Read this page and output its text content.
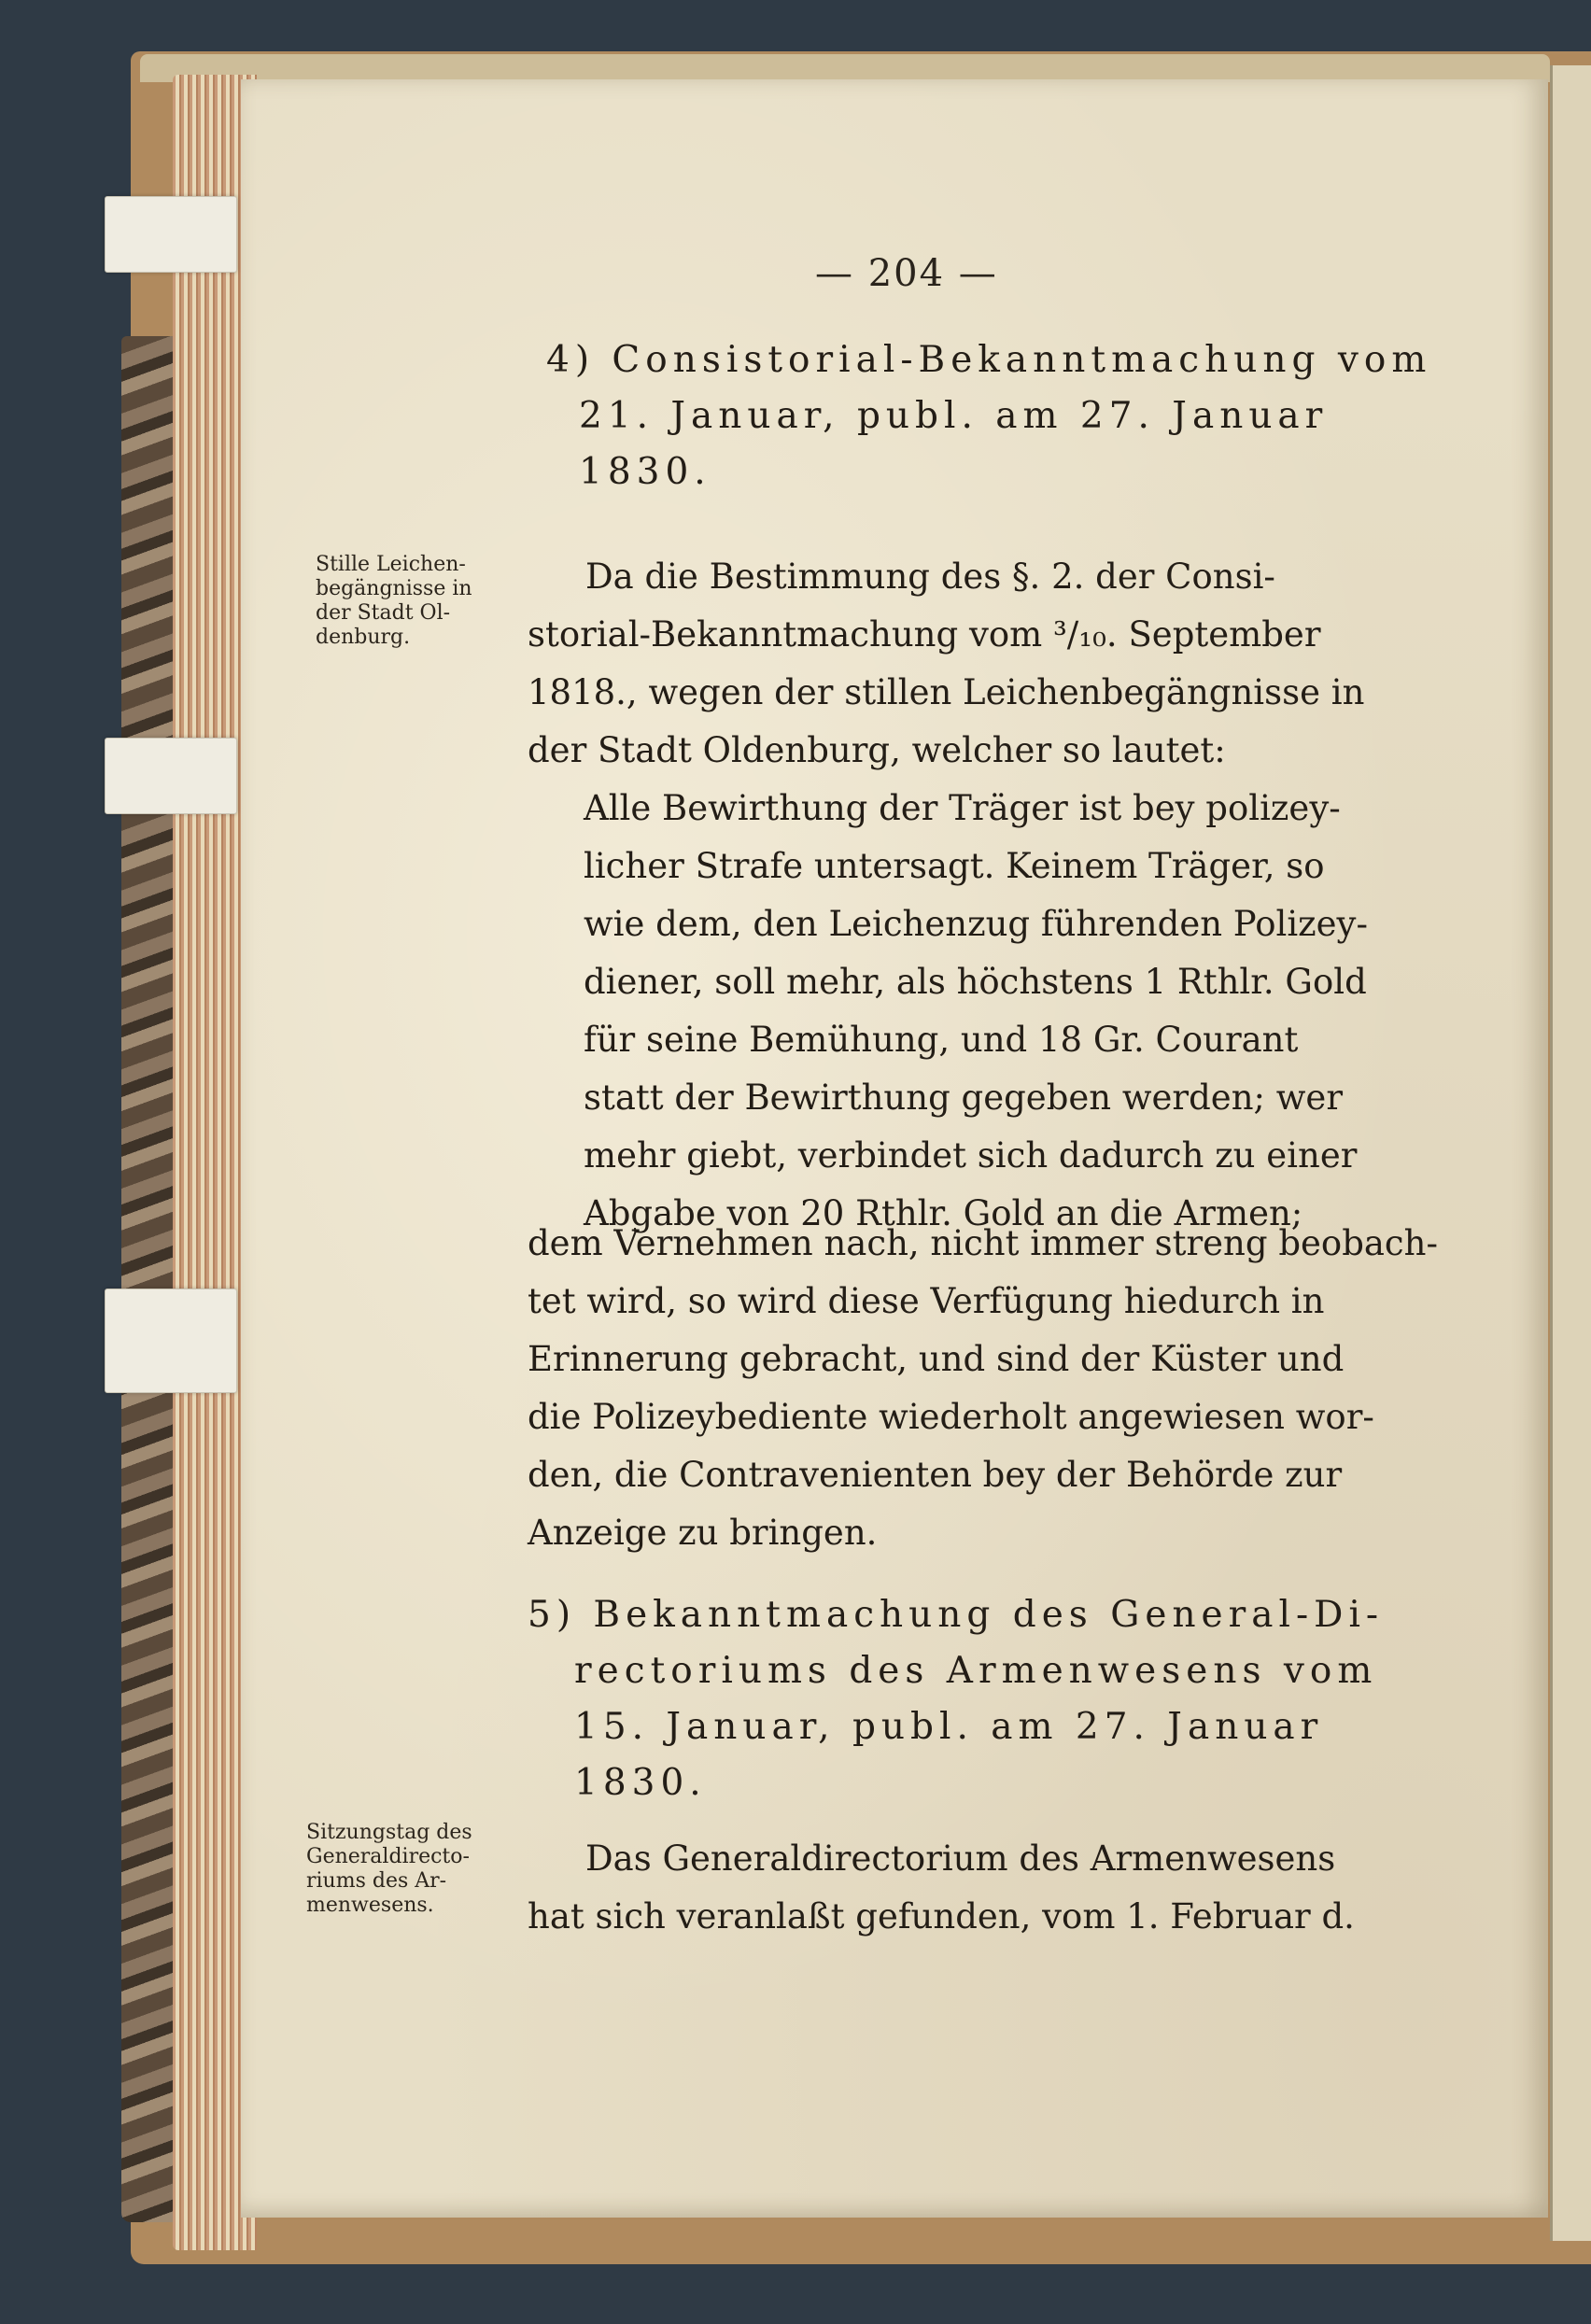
— 204 —
4) Consistorial-Bekanntmachung vom
21. Januar, publ. am 27. Januar
1830.
Stille Leichen-
begängnisse in
der Stadt Ol-
denburg.
Da die Bestimmung des §. 2. der Consi-
storial-Bekanntmachung vom ³/₁₀. September
1818., wegen der stillen Leichenbegängnisse in
der Stadt Oldenburg, welcher so lautet:
Alle Bewirthung der Träger ist bey polizey-
licher Strafe untersagt. Keinem Träger, so
wie dem, den Leichenzug führenden Polizey-
diener, soll mehr, als höchstens 1 Rthlr. Gold
für seine Bemühung, und 18 Gr. Courant
statt der Bewirthung gegeben werden; wer
mehr giebt, verbindet sich dadurch zu einer
Abgabe von 20 Rthlr. Gold an die Armen;
dem Vernehmen nach, nicht immer streng beobach-
tet wird, so wird diese Verfügung hiedurch in
Erinnerung gebracht, und sind der Küster und
die Polizeybediente wiederholt angewiesen wor-
den, die Contravenienten bey der Behörde zur
Anzeige zu bringen.
5) Bekanntmachung des General-Di-
rectoriums des Armenwesens vom
15. Januar, publ. am 27. Januar
1830.
Sitzungstag des
Generaldirecto-
riums des Ar-
menwesens.
Das Generaldirectorium des Armenwesens
hat sich veranlaßt gefunden, vom 1. Februar d.
